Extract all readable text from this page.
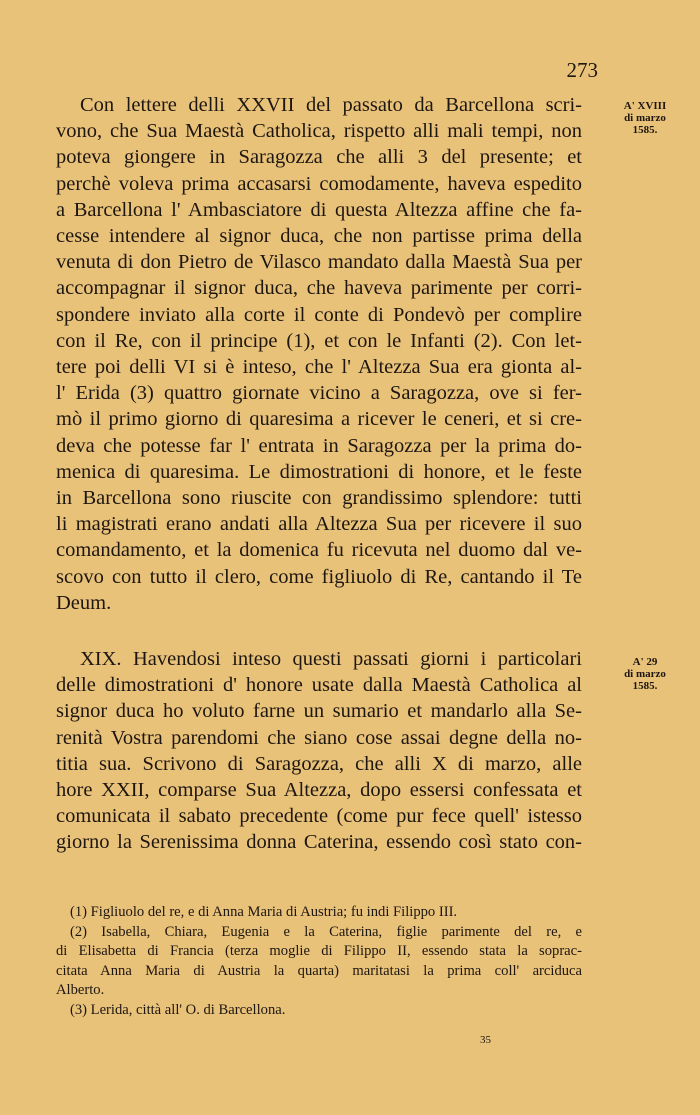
273
A' XVIII
di marzo
1585.
Con lettere delli XXVII del passato da Barcellona scri-
vono, che Sua Maestà Catholica, rispetto alli mali tempi, non
poteva giongere in Saragozza che alli 3 del presente; et
perchè voleva prima accasarsi comodamente, haveva espedito
a Barcellona l' Ambasciatore di questa Altezza affine che fa-
cesse intendere al signor duca, che non partisse prima della
venuta di don Pietro de Vilasco mandato dalla Maestà Sua per
accompagnar il signor duca, che haveva parimente per corri-
spondere inviato alla corte il conte di Pondevò per complire
con il Re, con il principe (1), et con le Infanti (2). Con let-
tere poi delli VI si è inteso, che l' Altezza Sua era gionta al-
l' Erida (3) quattro giornate vicino a Saragozza, ove si fer-
mò il primo giorno di quaresima a ricever le ceneri, et si cre-
deva che potesse far l' entrata in Saragozza per la prima do-
menica di quaresima. Le dimostrationi di honore, et le feste
in Barcellona sono riuscite con grandissimo splendore: tutti
li magistrati erano andati alla Altezza Sua per ricevere il suo
comandamento, et la domenica fu ricevuta nel duomo dal ve-
scovo con tutto il clero, come figliuolo di Re, cantando il Te
Deum.
A' 29
di marzo
1585.
XIX. Havendosi inteso questi passati giorni i particolari
delle dimostrationi d' honore usate dalla Maestà Catholica al
signor duca ho voluto farne un sumario et mandarlo alla Se-
renità Vostra parendomi che siano cose assai degne della no-
titia sua. Scrivono di Saragozza, che alli X di marzo, alle
hore XXII, comparse Sua Altezza, dopo essersi confessata et
comunicata il sabato precedente (come pur fece quell' istesso
giorno la Serenissima donna Caterina, essendo così stato con-
(1) Figliuolo del re, e di Anna Maria di Austria; fu indi Filippo III.
(2) Isabella, Chiara, Eugenia e la Caterina, figlie parimente del re, e
di Elisabetta di Francia (terza moglie di Filippo II, essendo stata la soprac-
citata Anna Maria di Austria la quarta) maritatasi la prima coll' arciduca
Alberto.
(3) Lerida, città all' O. di Barcellona.
35
